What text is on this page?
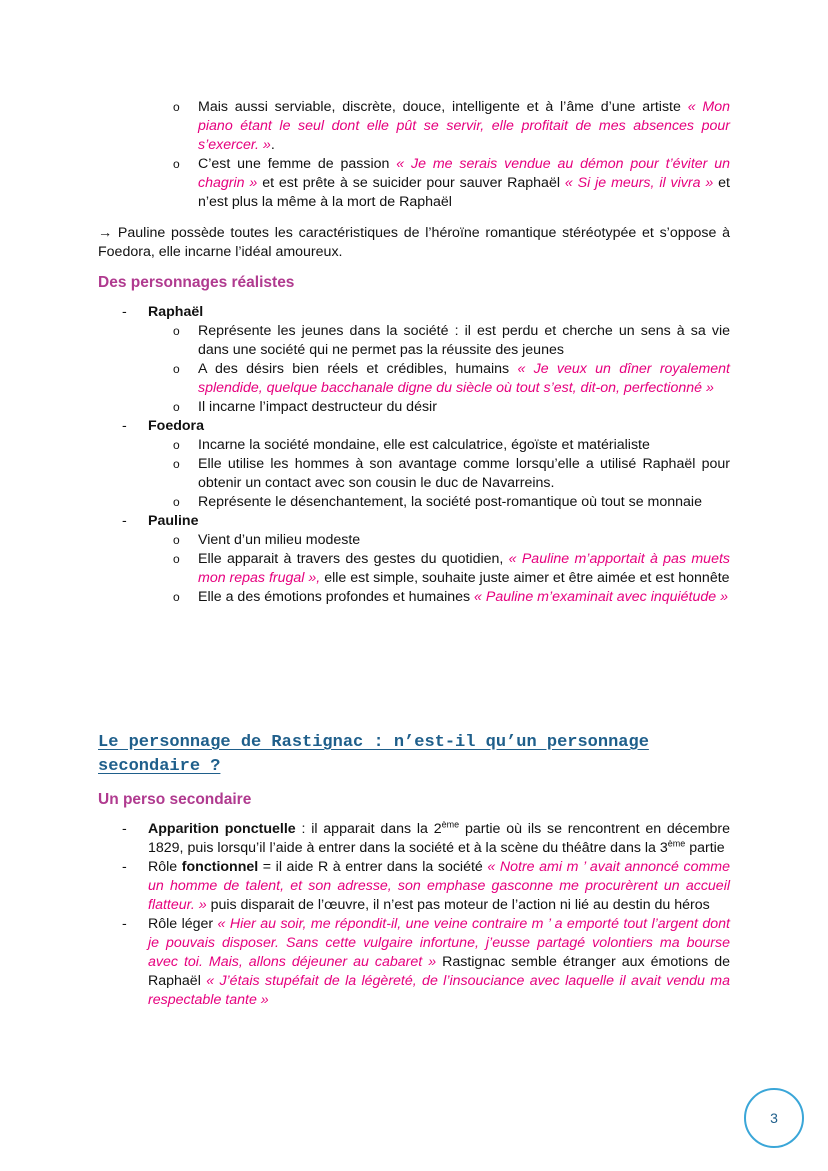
o Mais aussi serviable, discrète, douce, intelligente et à l’âme d’une artiste « Mon piano étant le seul dont elle pût se servir, elle profitait de mes absences pour s’exercer. ».
o C’est une femme de passion « Je me serais vendue au démon pour t’éviter un chagrin » et est prête à se suicider pour sauver Raphaël « Si je meurs, il vivra » et n’est plus la même à la mort de Raphaël
→ Pauline possède toutes les caractéristiques de l’héroïne romantique stéréotypée et s’oppose à Foedora, elle incarne l’idéal amoureux.
Des personnages réalistes
- Raphaël
o Représente les jeunes dans la société : il est perdu et cherche un sens à sa vie dans une société qui ne permet pas la réussite des jeunes
o A des désirs bien réels et crédibles, humains « Je veux un dîner royalement splendide, quelque bacchanale digne du siècle où tout s’est, dit-on, perfectionné »
o Il incarne l’impact destructeur du désir
- Foedora
o Incarne la société mondaine, elle est calculatrice, égoïste et matérialiste
o Elle utilise les hommes à son avantage comme lorsqu’elle a utilisé Raphaël pour obtenir un contact avec son cousin le duc de Navarreins.
o Représente le désenchantement, la société post-romantique où tout se monnaie
- Pauline
o Vient d’un milieu modeste
o Elle apparait à travers des gestes du quotidien, « Pauline m’apportait à pas muets mon repas frugal », elle est simple, souhaite juste aimer et être aimée et est honnête
o Elle a des émotions profondes et humaines « Pauline m’examinait avec inquiétude »
Le personnage de Rastignac : n’est-il qu’un personnage
secondaire ?
Un perso secondaire
- Apparition ponctuelle : il apparait dans la 2ème partie où ils se rencontrent en décembre 1829, puis lorsqu’il l’aide à entrer dans la société et à la scène du théâtre dans la 3ème partie
- Rôle fonctionnel = il aide R à entrer dans la société « Notre ami m ’ avait annoncé comme un homme de talent, et son adresse, son emphase gasconne me procurèrent un accueil flatteur. » puis disparait de l’œuvre, il n’est pas moteur de l’action ni lié au destin du héros
- Rôle léger « Hier au soir, me répondit-il, une veine contraire m ’ a emporté tout l’argent dont je pouvais disposer. Sans cette vulgaire infortune, j’eusse partagé volontiers ma bourse avec toi. Mais, allons déjeuner au cabaret » Rastignac semble étranger aux émotions de Raphaël « J’étais stupéfait de la légèreté, de l’insouciance avec laquelle il avait vendu ma respectable tante »
3
